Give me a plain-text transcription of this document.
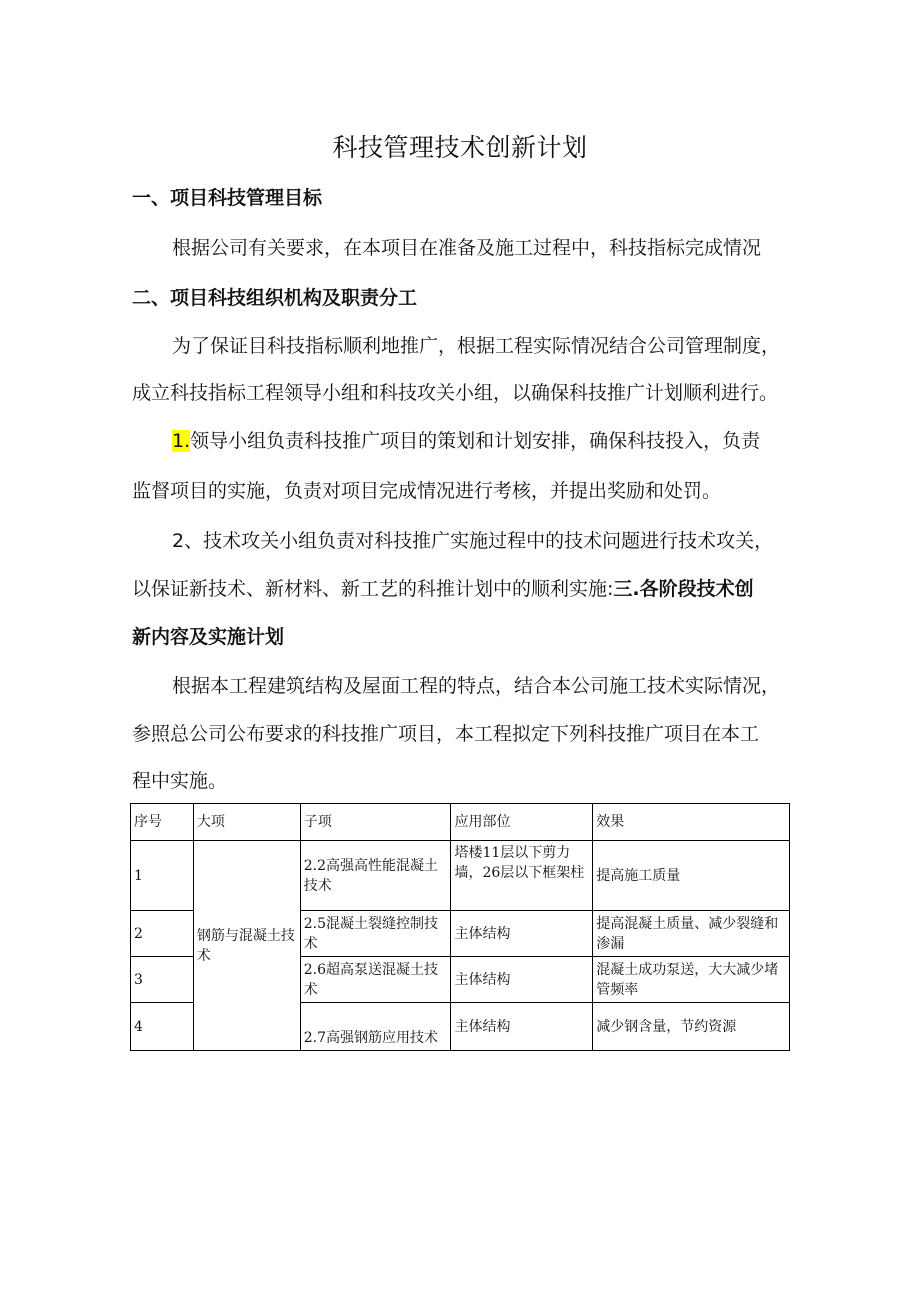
科技管理技术创新计划
一、项目科技管理目标
根据公司有关要求，在本项目在准备及施工过程中，科技指标完成情况
二、项目科技组织机构及职责分工
为了保证目科技指标顺利地推广，根据工程实际情况结合公司管理制度，
成立科技指标工程领导小组和科技攻关小组，以确保科技推广计划顺利进行。
1.领导小组负责科技推广项目的策划和计划安排，确保科技投入，负责
监督项目的实施，负责对项目完成情况进行考核，并提出奖励和处罚。
2、技术攻关小组负责对科技推广实施过程中的技术问题进行技术攻关，
以保证新技术、新材料、新工艺的科推计划中的顺利实施:三.各阶段技术创
新内容及实施计划
根据本工程建筑结构及屋面工程的特点，结合本公司施工技术实际情况，
参照总公司公布要求的科技推广项目，本工程拟定下列科技推广项目在本工
程中实施。
序号	大项	子项	应用部位	效果
1	钢筋与混凝土技术	2.2高强高性能混凝土技术	塔楼11层以下剪力墙，26层以下框架柱	提高施工质量
2		2.5混凝土裂缝控制技术	主体结构	提高混凝土质量、减少裂缝和渗漏
3		2.6超高泵送混凝土技术	主体结构	混凝土成功泵送，大大减少堵管频率
4		2.7高强钢筋应用技术	主体结构	减少钢含量，节约资源
